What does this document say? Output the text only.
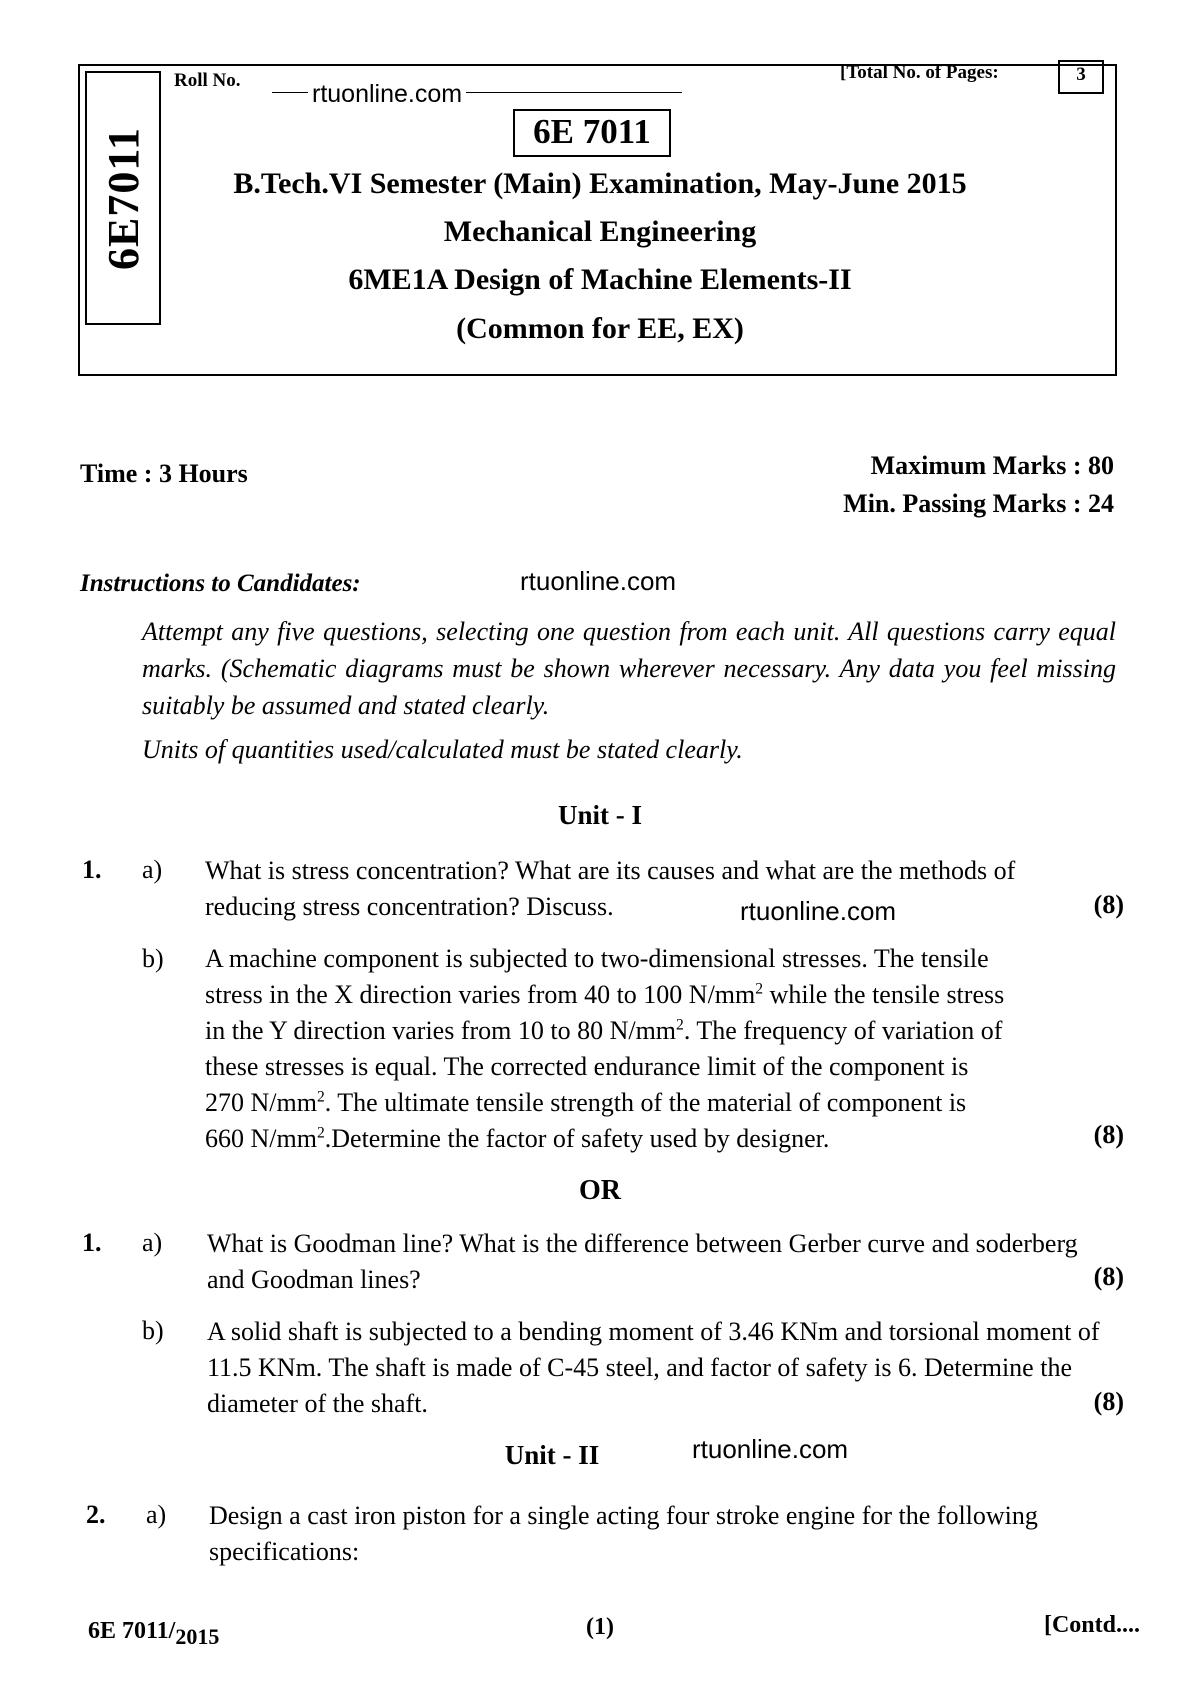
6E7011
Roll No.	rtuonline.com
[Total No. of Pages:	3
6E 7011
B.Tech.VI Semester (Main) Examination, May-June 2015
Mechanical Engineering
6ME1A Design of Machine Elements-II
(Common for EE, EX)
Time : 3 Hours	Maximum Marks : 80
Min. Passing Marks : 24
Instructions to Candidates:	rtuonline.com
Attempt any five questions, selecting one question from each unit. All questions carry equal marks. (Schematic diagrams must be shown wherever necessary. Any data you feel missing suitably be assumed and stated clearly.
Units of quantities used/calculated must be stated clearly.
Unit - I
1. a) What is stress concentration? What are its causes and what are the methods of reducing stress concentration? Discuss.	rtuonline.com	(8)
b) A machine component is subjected to two-dimensional stresses. The tensile
stress in the X direction varies from 40 to 100 $N/mm^2$ while the tensile stress
in the Y direction varies from 10 to 80 $N/mm^2$. The frequency of variation of
these stresses is equal. The corrected endurance limit of the component is
270 $N/mm^2$. The ultimate tensile strength of the material of component is
660 $N/mm^2.Determine$ the factor of safety used by designer.	(8)
OR
1. a) What is Goodman line? What is the difference between Gerber curve and soderberg and Goodman lines?	(8)
b) A solid shaft is subjected to a bending moment of 3.46 KNm and torsional moment of 11.5 KNm. The shaft is made of C-45 steel, and factor of safety is 6. Determine the diameter of the shaft.	(8)
Unit - II	rtuonline.com
2. a) Design a cast iron piston for a single acting four stroke engine for the following specifications:
6E $7011/_{2015}$	(1)	[Contd....
